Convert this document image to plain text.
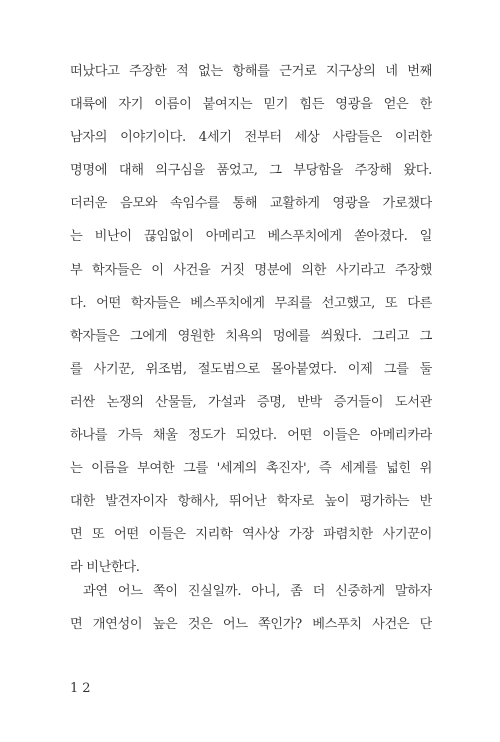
떠났다고 주장한 적 없는 항해를 근거로 지구상의 네 번째
대륙에 자기 이름이 붙여지는 믿기 힘든 영광을 얻은 한
남자의 이야기이다. 4세기 전부터 세상 사람들은 이러한
명명에 대해 의구심을 품었고, 그 부당함을 주장해 왔다.
더러운 음모와 속임수를 통해 교활하게 영광을 가로챘다
는 비난이 끊임없이 아메리고 베스푸치에게 쏟아졌다. 일
부 학자들은 이 사건을 거짓 명분에 의한 사기라고 주장했
다. 어떤 학자들은 베스푸치에게 무죄를 선고했고, 또 다른
학자들은 그에게 영원한 치욕의 멍에를 씌웠다. 그리고 그
를 사기꾼, 위조범, 절도범으로 몰아붙였다. 이제 그를 둘
러싼 논쟁의 산물들, 가설과 증명, 반박 증거들이 도서관
하나를 가득 채울 정도가 되었다. 어떤 이들은 아메리카라
는 이름을 부여한 그를 '세계의 촉진자', 즉 세계를 넓힌 위
대한 발견자이자 항해사, 뛰어난 학자로 높이 평가하는 반
면 또 어떤 이들은 지리학 역사상 가장 파렴치한 사기꾼이
라 비난한다.
과연 어느 쪽이 진실일까. 아니, 좀 더 신중하게 말하자
면 개연성이 높은 것은 어느 쪽인가? 베스푸치 사건은 단
12
